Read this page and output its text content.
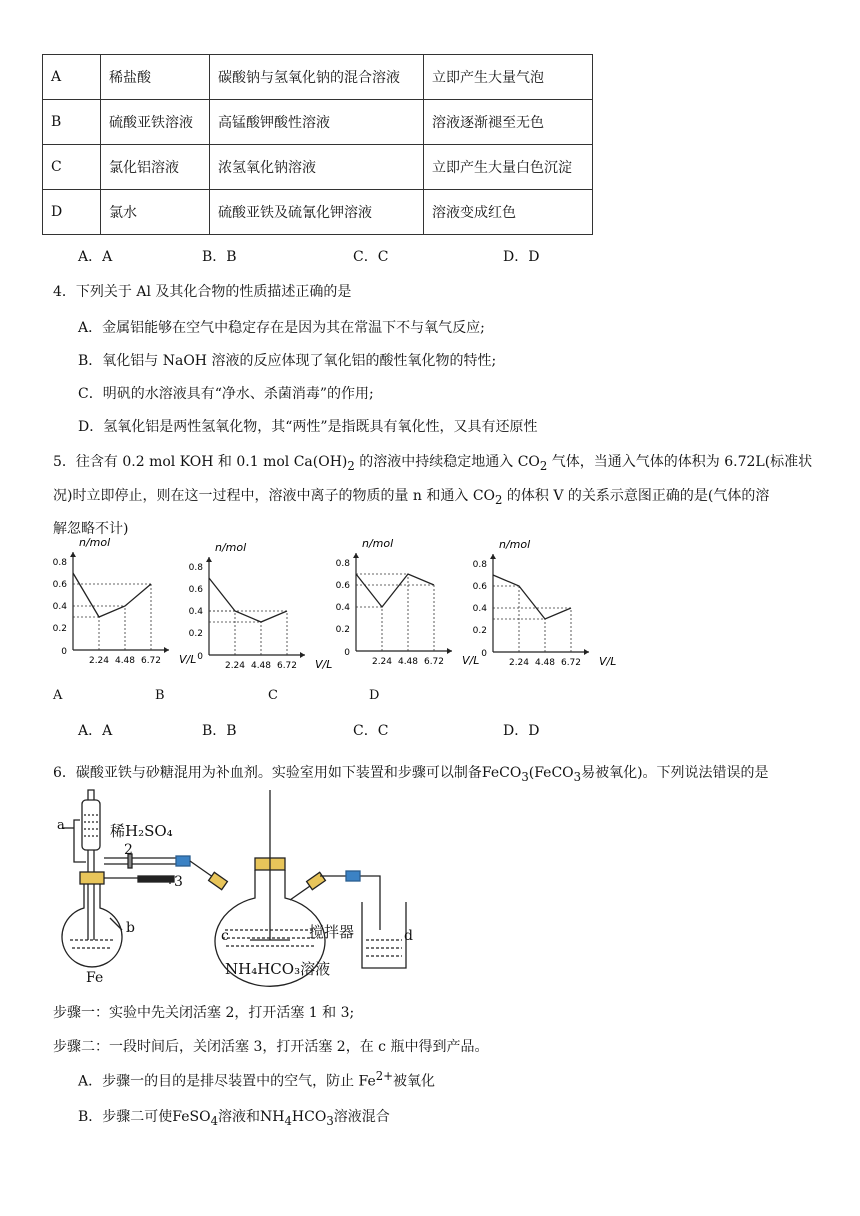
A	稀盐酸	碳酸钠与氢氧化钠的混合溶液	立即产生大量气泡
B	硫酸亚铁溶液	高锰酸钾酸性溶液	溶液逐渐褪至无色
C	氯化铝溶液	浓氢氧化钠溶液	立即产生大量白色沉淀
D	氯水	硫酸亚铁及硫氰化钾溶液	溶液变成红色
A．A	B．B	C．C	D．D
4．下列关于 Al 及其化合物的性质描述正确的是
A．金属铝能够在空气中稳定存在是因为其在常温下不与氧气反应;
B．氧化铝与 NaOH 溶液的反应体现了氧化铝的酸性氧化物的特性;
C．明矾的水溶液具有“净水、杀菌消毒”的作用;
D．氢氧化铝是两性氢氧化物，其“两性”是指既具有氧化性，又具有还原性
5．往含有 0.2 mol KOH 和 0.1 mol $Ca(OH)_2$ 的溶液中持续稳定地通入 $CO_2$ 气体，当通入气体的体积为 6.72L(标准状
况)时立即停止，则在这一过程中，溶液中离子的物质的量 n 和通入 $CO_2$ 的体积 V 的关系示意图正确的是(气体的溶
解忽略不计)
n/mol
V/L
0.8
0.6
0.4
0.2
0
2.24 4.48 6.72
n/mol
V/L
0.8
0.6
0.4
0.2
0
2.24 4.48 6.72
n/mol
V/L
0.8
0.6
0.4
0.2
0
2.24 4.48 6.72
n/mol
V/L
0.8
0.6
0.4
0.2
0
2.24 4.48 6.72
A	B	C	D
A．A	B．B	C．C	D．D
6．碳酸亚铁与砂糖混用为补血剂。实验室用如下装置和步骤可以制备FeCO$_3$(FeCO$_3$易被氧化)。下列说法错误的是
a	稀H₂SO₄
2
3
b
Fe
c	搅拌器	d
NH₄HCO₃溶液
步骤一：实验中先关闭活塞 2，打开活塞 1 和 3;
步骤二：一段时间后，关闭活塞 3，打开活塞 2，在 c 瓶中得到产品。
A．步骤一的目的是排尽装置中的空气，防止 $Fe^{2+}$被氧化
B．步骤二可使FeSO$_4$溶液和$NH_4HCO_3$溶液混合
